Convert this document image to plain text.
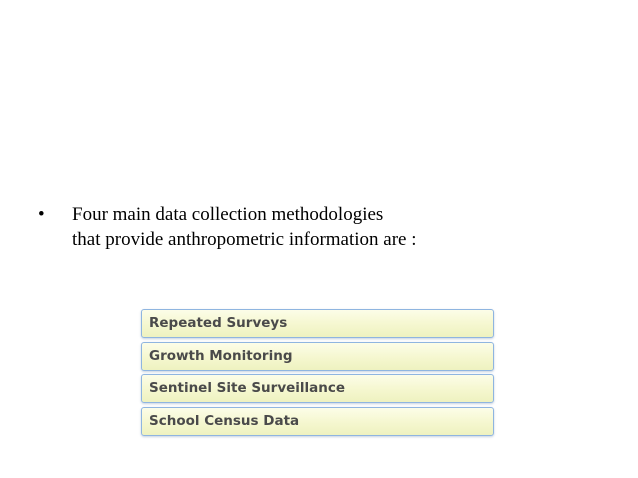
•	Four main data collection methodologies
that provide anthropometric information are :
Repeated Surveys
Growth Monitoring
Sentinel Site Surveillance
School Census Data
